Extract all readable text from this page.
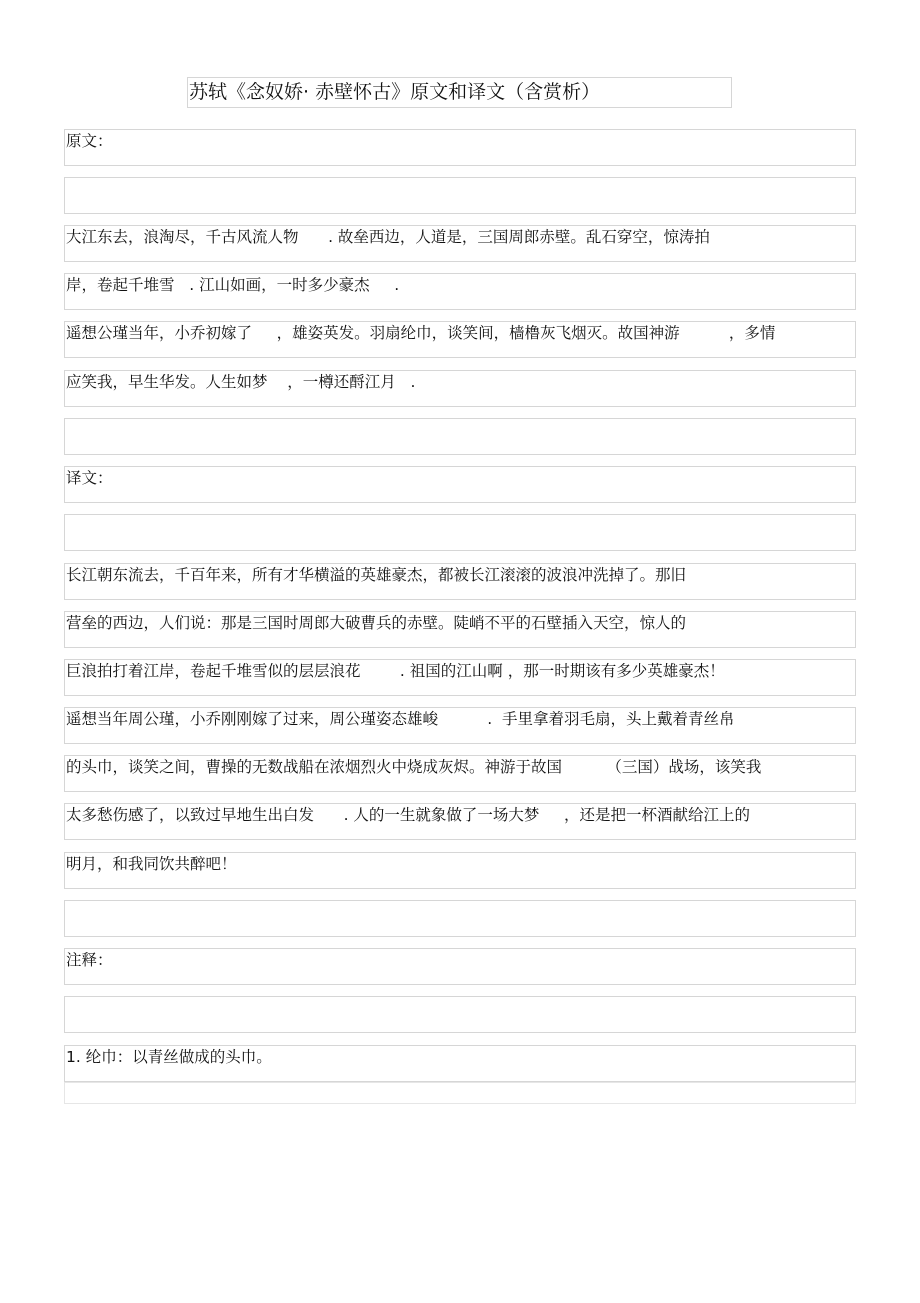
苏轼《念奴娇· 赤壁怀古》原文和译文（含赏析）
原文：
大江东去，浪淘尽，千古风流人物      . 故垒西边，人道是，三国周郎赤壁。乱石穿空，惊涛拍
岸，卷起千堆雪   . 江山如画，一时多少豪杰     .
遥想公瑾当年，小乔初嫁了     ，雄姿英发。羽扇纶巾，谈笑间，樯橹灰飞烟灭。故国神游          ，多情
应笑我，早生华发。人生如梦    ，一樽还酹江月   .
译文：
长江朝东流去，千百年来，所有才华横溢的英雄豪杰，都被长江滚滚的波浪冲洗掉了。那旧
营垒的西边，人们说：那是三国时周郎大破曹兵的赤壁。陡峭不平的石壁插入天空，惊人的
巨浪拍打着江岸，卷起千堆雪似的层层浪花        . 祖国的江山啊 ，那一时期该有多少英雄豪杰！
遥想当年周公瑾，小乔刚刚嫁了过来，周公瑾姿态雄峻          .  手里拿着羽毛扇，头上戴着青丝帛
的头巾，谈笑之间，曹操的无数战船在浓烟烈火中烧成灰烬。神游于故国         （三国）战场，该笑我
太多愁伤感了，以致过早地生出白发      . 人的一生就象做了一场大梦     ，还是把一杯酒献给江上的
明月，和我同饮共醉吧！
注释：
1. 纶巾：以青丝做成的头巾。
